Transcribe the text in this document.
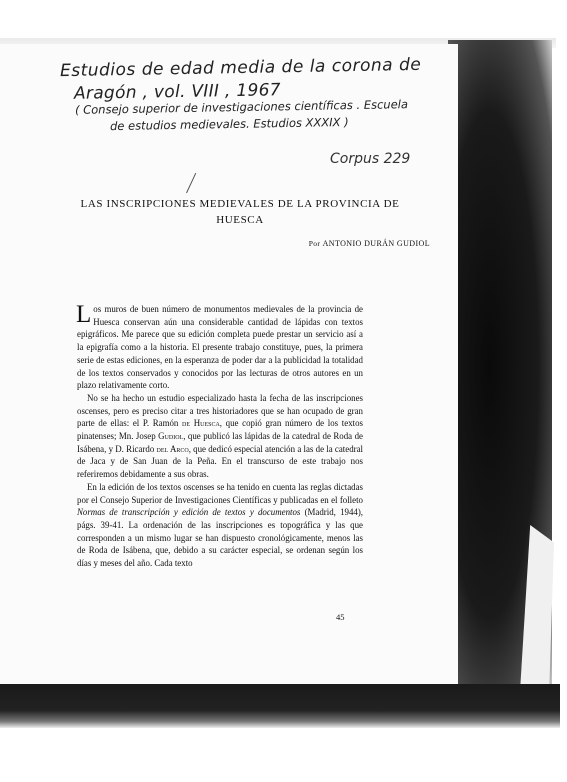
Estudios de edad media de la corona de
Aragón , vol. VIII , 1967
( Consejo superior de investigaciones científicas . Escuela
de estudios medievales. Estudios XXXIX )
Corpus 229
LAS INSCRIPCIONES MEDIEVALES DE LA PROVINCIA DE HUESCA
Por ANTONIO DURÁN GUDIOL

Los muros de buen número de monumentos medievales de la provincia de Huesca conservan aún una considerable cantidad de lápidas con textos epigráficos. Me parece que su edición completa puede prestar un servicio así a la epigrafía como a la historia. El presente trabajo constituye, pues, la primera serie de estas ediciones, en la esperanza de poder dar a la publicidad la totalidad de los textos conservados y conocidos por las lecturas de otros autores en un plazo relativamente corto.

No se ha hecho un estudio especializado hasta la fecha de las inscripciones oscenses, pero es preciso citar a tres historiadores que se han ocupado de gran parte de ellas: el P. Ramón de Huesca, que copió gran número de los textos pinatenses; Mn. Josep Gudiol, que publicó las lápidas de la catedral de Roda de Isábena, y D. Ricardo del Arco, que dedicó especial atención a las de la catedral de Jaca y de San Juan de la Peña. En el transcurso de este trabajo nos referiremos debidamente a sus obras.

En la edición de los textos oscenses se ha tenido en cuenta las reglas dictadas por el Consejo Superior de Investigaciones Científicas y publicadas en el folleto Normas de transcripción y edición de textos y documentos (Madrid, 1944), págs. 39-41. La ordenación de las inscripciones es topográfica y las que corresponden a un mismo lugar se han dispuesto cronológicamente, menos las de Roda de Isábena, que, debido a su carácter especial, se ordenan según los días y meses del año. Cada texto

45
